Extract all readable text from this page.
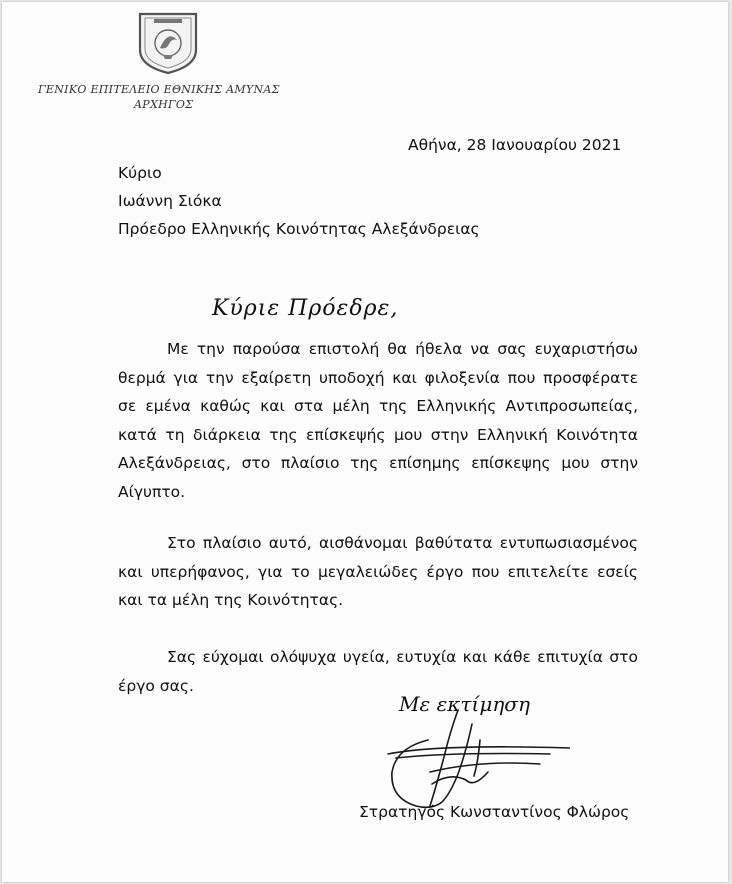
ΓΕΝΙΚΟ ΕΠΙΤΕΛΕΙΟ ΕΘΝΙΚΗΣ ΑΜΥΝΑΣ
ΑΡΧΗΓΟΣ
Αθήνα, 28 Ιανουαρίου 2021
Κύριο
Ιωάννη Σιόκα
Πρόεδρο Ελληνικής Κοινότητας Αλεξάνδρειας
Κύριε Πρόεδρε,
Με την παρούσα επιστολή θα ήθελα να σας ευχαριστήσω θερμά για την εξαίρετη υποδοχή και φιλοξενία που προσφέρατε σε εμένα καθώς και στα μέλη της Ελληνικής Αντιπροσωπείας, κατά τη διάρκεια της επίσκεψής μου στην Ελληνική Κοινότητα Αλεξάνδρειας, στο πλαίσιο της επίσημης επίσκεψης μου στην Αίγυπτο.
Στο πλαίσιο αυτό, αισθάνομαι βαθύτατα εντυπωσιασμένος και υπερήφανος, για το μεγαλειώδες έργο που επιτελείτε εσείς και τα μέλη της Κοινότητας.
Σας εύχομαι ολόψυχα υγεία, ευτυχία και κάθε επιτυχία στο έργο σας.
Με εκτίμηση
Στρατηγός Κωνσταντίνος Φλώρος
